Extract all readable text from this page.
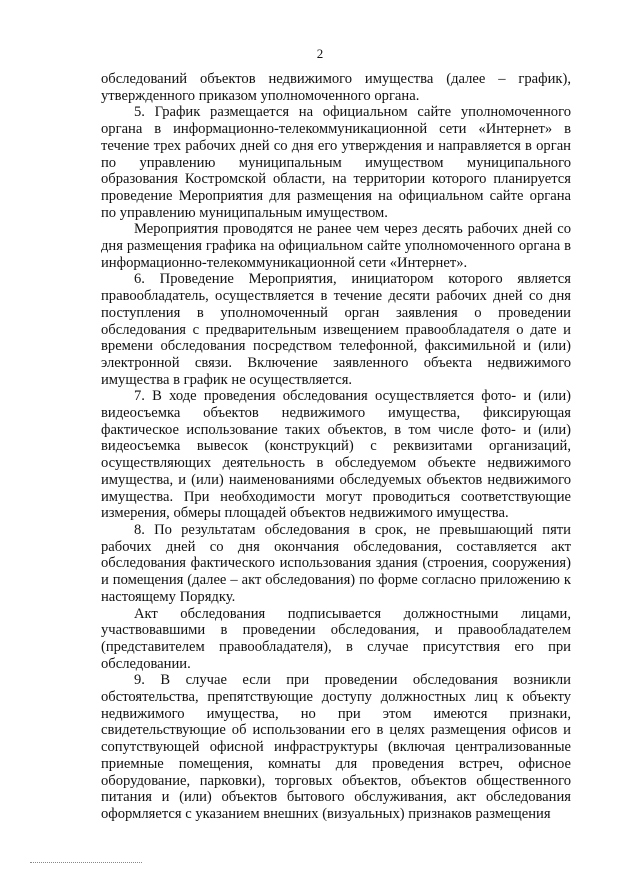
2

обследований объектов недвижимого имущества (далее – график), утвержденного приказом уполномоченного органа.

5. График размещается на официальном сайте уполномоченного органа в информационно-телекоммуникационной сети «Интернет» в течение трех рабочих дней со дня его утверждения и направляется в орган по управлению муниципальным имуществом муниципального образования Костромской области, на территории которого планируется проведение Мероприятия для размещения на официальном сайте органа по управлению муниципальным имуществом.

Мероприятия проводятся не ранее чем через десять рабочих дней со дня размещения графика на официальном сайте уполномоченного органа в информационно-телекоммуникационной сети «Интернет».

6. Проведение Мероприятия, инициатором которого является правообладатель, осуществляется в течение десяти рабочих дней со дня поступления в уполномоченный орган заявления о проведении обследования с предварительным извещением правообладателя о дате и времени обследования посредством телефонной, факсимильной и (или) электронной связи. Включение заявленного объекта недвижимого имущества в график не осуществляется.

7. В ходе проведения обследования осуществляется фото- и (или) видеосъемка объектов недвижимого имущества, фиксирующая фактическое использование таких объектов, в том числе фото- и (или) видеосъемка вывесок (конструкций) с реквизитами организаций, осуществляющих деятельность в обследуемом объекте недвижимого имущества, и (или) наименованиями обследуемых объектов недвижимого имущества. При необходимости могут проводиться соответствующие измерения, обмеры площадей объектов недвижимого имущества.

8. По результатам обследования в срок, не превышающий пяти рабочих дней со дня окончания обследования, составляется акт обследования фактического использования здания (строения, сооружения) и помещения (далее – акт обследования) по форме согласно приложению к настоящему Порядку.

Акт обследования подписывается должностными лицами, участвовавшими в проведении обследования, и правообладателем (представителем правообладателя), в случае присутствия его при обследовании.

9. В случае если при проведении обследования возникли обстоятельства, препятствующие доступу должностных лиц к объекту недвижимого имущества, но при этом имеются признаки, свидетельствующие об использовании его в целях размещения офисов и сопутствующей офисной инфраструктуры (включая централизованные приемные помещения, комнаты для проведения встреч, офисное оборудование, парковки), торговых объектов, объектов общественного питания и (или) объектов бытового обслуживания, акт обследования оформляется с указанием внешних (визуальных) признаков размещения
